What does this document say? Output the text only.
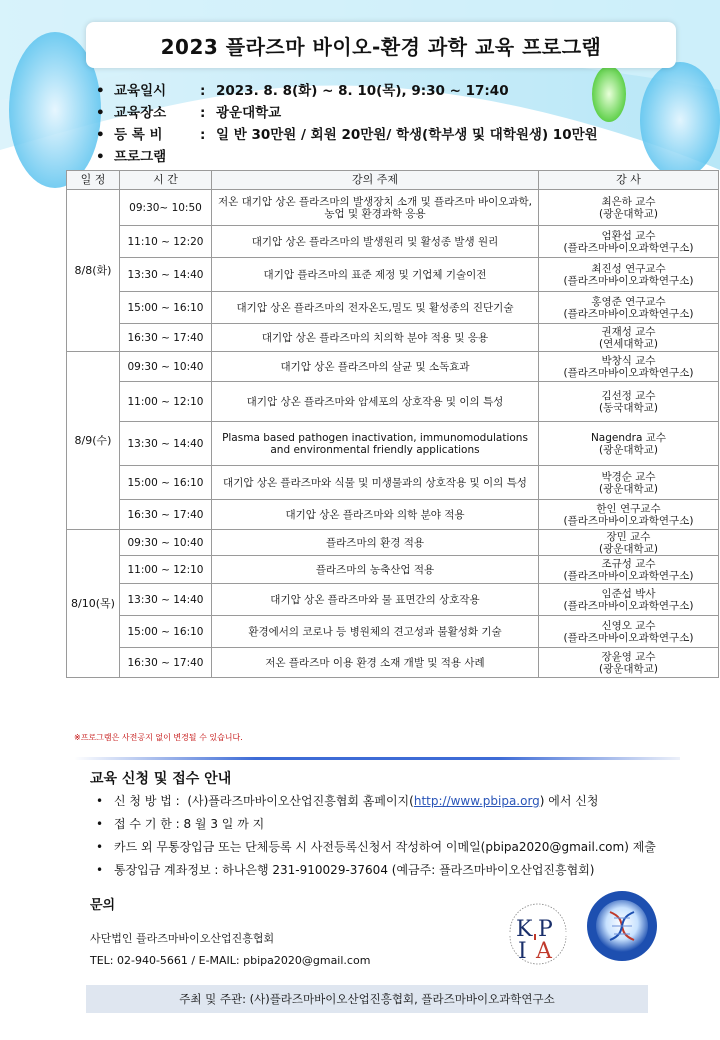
2023 플라즈마 바이오-환경 과학 교육 프로그램
• 교육일시	: 2023. 8. 8(화) ~ 8. 10(목), 9:30 ~ 17:40
• 교육장소	: 광운대학교
• 등 록 비	: 일 반 30만원 / 회원 20만원/ 학생(학부생 및 대학원생) 10만원
• 프로그램
일 정	시 간	강의 주제	강 사
8/8(화)	09:30~ 10:50	저온 대기압 상온 플라즈마의 발생장치 소개 및 플라즈마 바이오과학, 농업 및 환경과학 응용	최은하 교수
(광운대학교)

	11:10 ~ 12:20	대기압 상온 플라즈마의 발생원리 및 활성종 발생 원리	엄환섭 교수
(플라즈마바이오과학연구소)

	13:30 ~ 14:40	대기압 플라즈마의 표준 제정 및 기업체 기술이전	최진성 연구교수
(플라즈마바이오과학연구소)

	15:00 ~ 16:10	대기압 상온 플라즈마의 전자온도,밀도 및 활성종의 진단기술	홍영준 연구교수
(플라즈마바이오과학연구소)

	16:30 ~ 17:40	대기압 상온 플라즈마의 치의학 분야 적용 및 응용	권재성 교수
(연세대학교)

8/9(수)	09:30 ~ 10:40	대기압 상온 플라즈마의 살균 및 소독효과	박창식 교수
(플라즈마바이오과학연구소)

	11:00 ~ 12:10	대기압 상온 플라즈마와 암세포의 상호작용 및 이의 특성	김선정 교수
(동국대학교)

	13:30 ~ 14:40	Plasma based pathogen inactivation, immunomodulations and environmental friendly applications	Nagendra 교수
(광운대학교)

	15:00 ~ 16:10	대기압 상온 플라즈마와 식물 및 미생물과의 상호작용 및 이의 특성	박경순 교수
(광운대학교)

	16:30 ~ 17:40	대기압 상온 플라즈마와 의학 분야 적용	한인 연구교수
(플라즈마바이오과학연구소)

8/10(목)	09:30 ~ 10:40	플라즈마의 환경 적용	장민 교수
(광운대학교)

	11:00 ~ 12:10	플라즈마의 농축산업 적용	조규성 교수
(플라즈마바이오과학연구소)

	13:30 ~ 14:40	대기압 상온 플라즈마와 물 표면간의 상호작용	임준섭 박사
(플라즈마바이오과학연구소)

	15:00 ~ 16:10	환경에서의 코로나 등 병원체의 견고성과 불활성화 기술	신영오 교수
(플라즈마바이오과학연구소)

	16:30 ~ 17:40	저온 플라즈마 이용 환경 소재 개발 및 적용 사례	장윤영 교수
(광운대학교)
※프로그램은 사전공지 없이 변경될 수 있습니다.
교육 신청 및 접수 안내
• 신 청 방 법 :
(사)플라즈마바이오산업진흥협회 홈페이지( http://www.pbipa.org ) 에서 신청
• 접 수 기 한 : 8 월 3 일 까 지
• 카드 외 무통장입금 또는 단체등록 시 사전등록신청서 작성하여 이메일(pbipa2020@gmail.com) 제출
• 통장입금 계좌정보 : 하나은행 231-910029-37604 (예금주: 플라즈마바이오산업진흥협회)
문의
사단법인 플라즈마바이오산업진흥협회
TEL: 02-940-5661 / E-MAIL: pbipa2020@gmail.com
K P
I A
주최 및 주관: (사)플라즈마바이오산업진흥협회, 플라즈마바이오과학연구소
